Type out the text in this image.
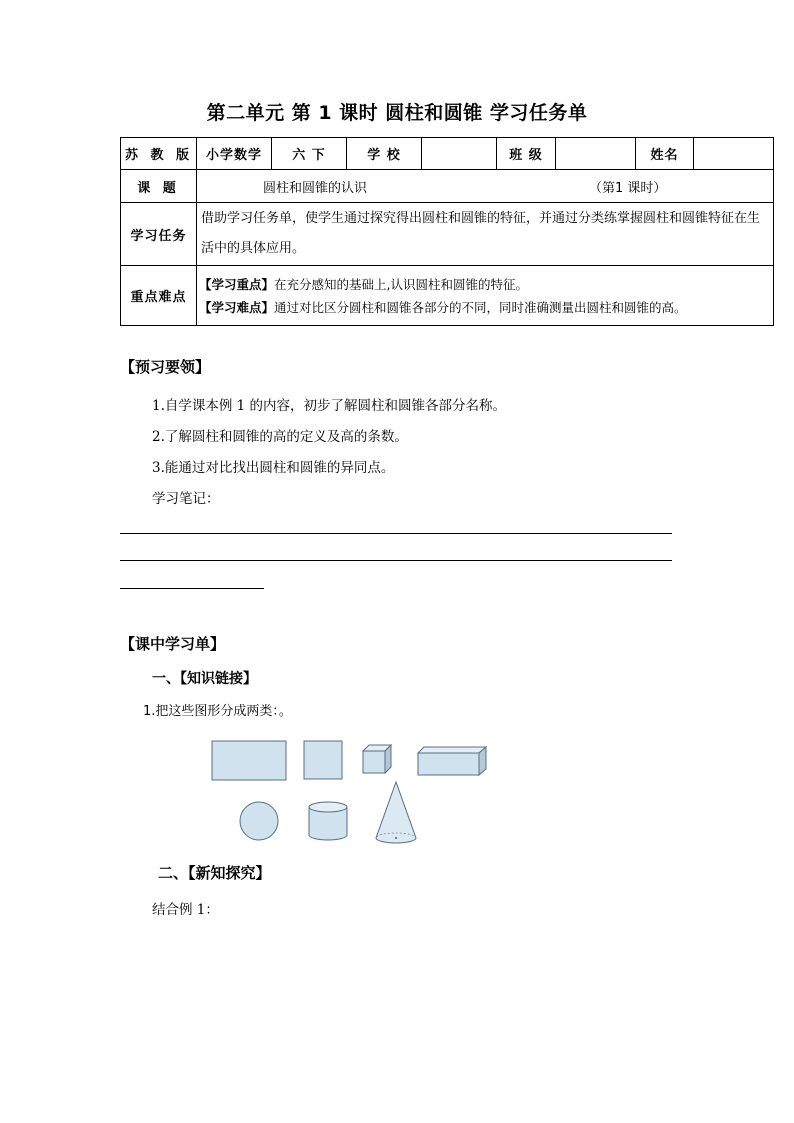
第二单元 第 1 课时 圆柱和圆锥 学习任务单
苏 教 版	小学数学	六 下	学 校		班 级		姓名	
课 题	圆柱和圆锥的认识 （第1 课时）							
学习任务	借助学习任务单，使学生通过探究得出圆柱和圆锥的特征，并通过分类练掌握圆柱和圆锥特征在生活中的具体应用。							
重点难点	【学习重点】在充分感知的基础上,认识圆柱和圆锥的特征。
【学习难点】通过对比区分圆柱和圆锥各部分的不同，同时准确测量出圆柱和圆锥的高。							
【预习要领】
1.自学课本例 1 的内容，初步了解圆柱和圆锥各部分名称。
2.了解圆柱和圆锥的高的定义及高的条数。
3.能通过对比找出圆柱和圆锥的异同点。
学习笔记：
【课中学习单】
一、【知识链接】
1.把这些图形分成两类：。
二、【新知探究】
结合例 1：
